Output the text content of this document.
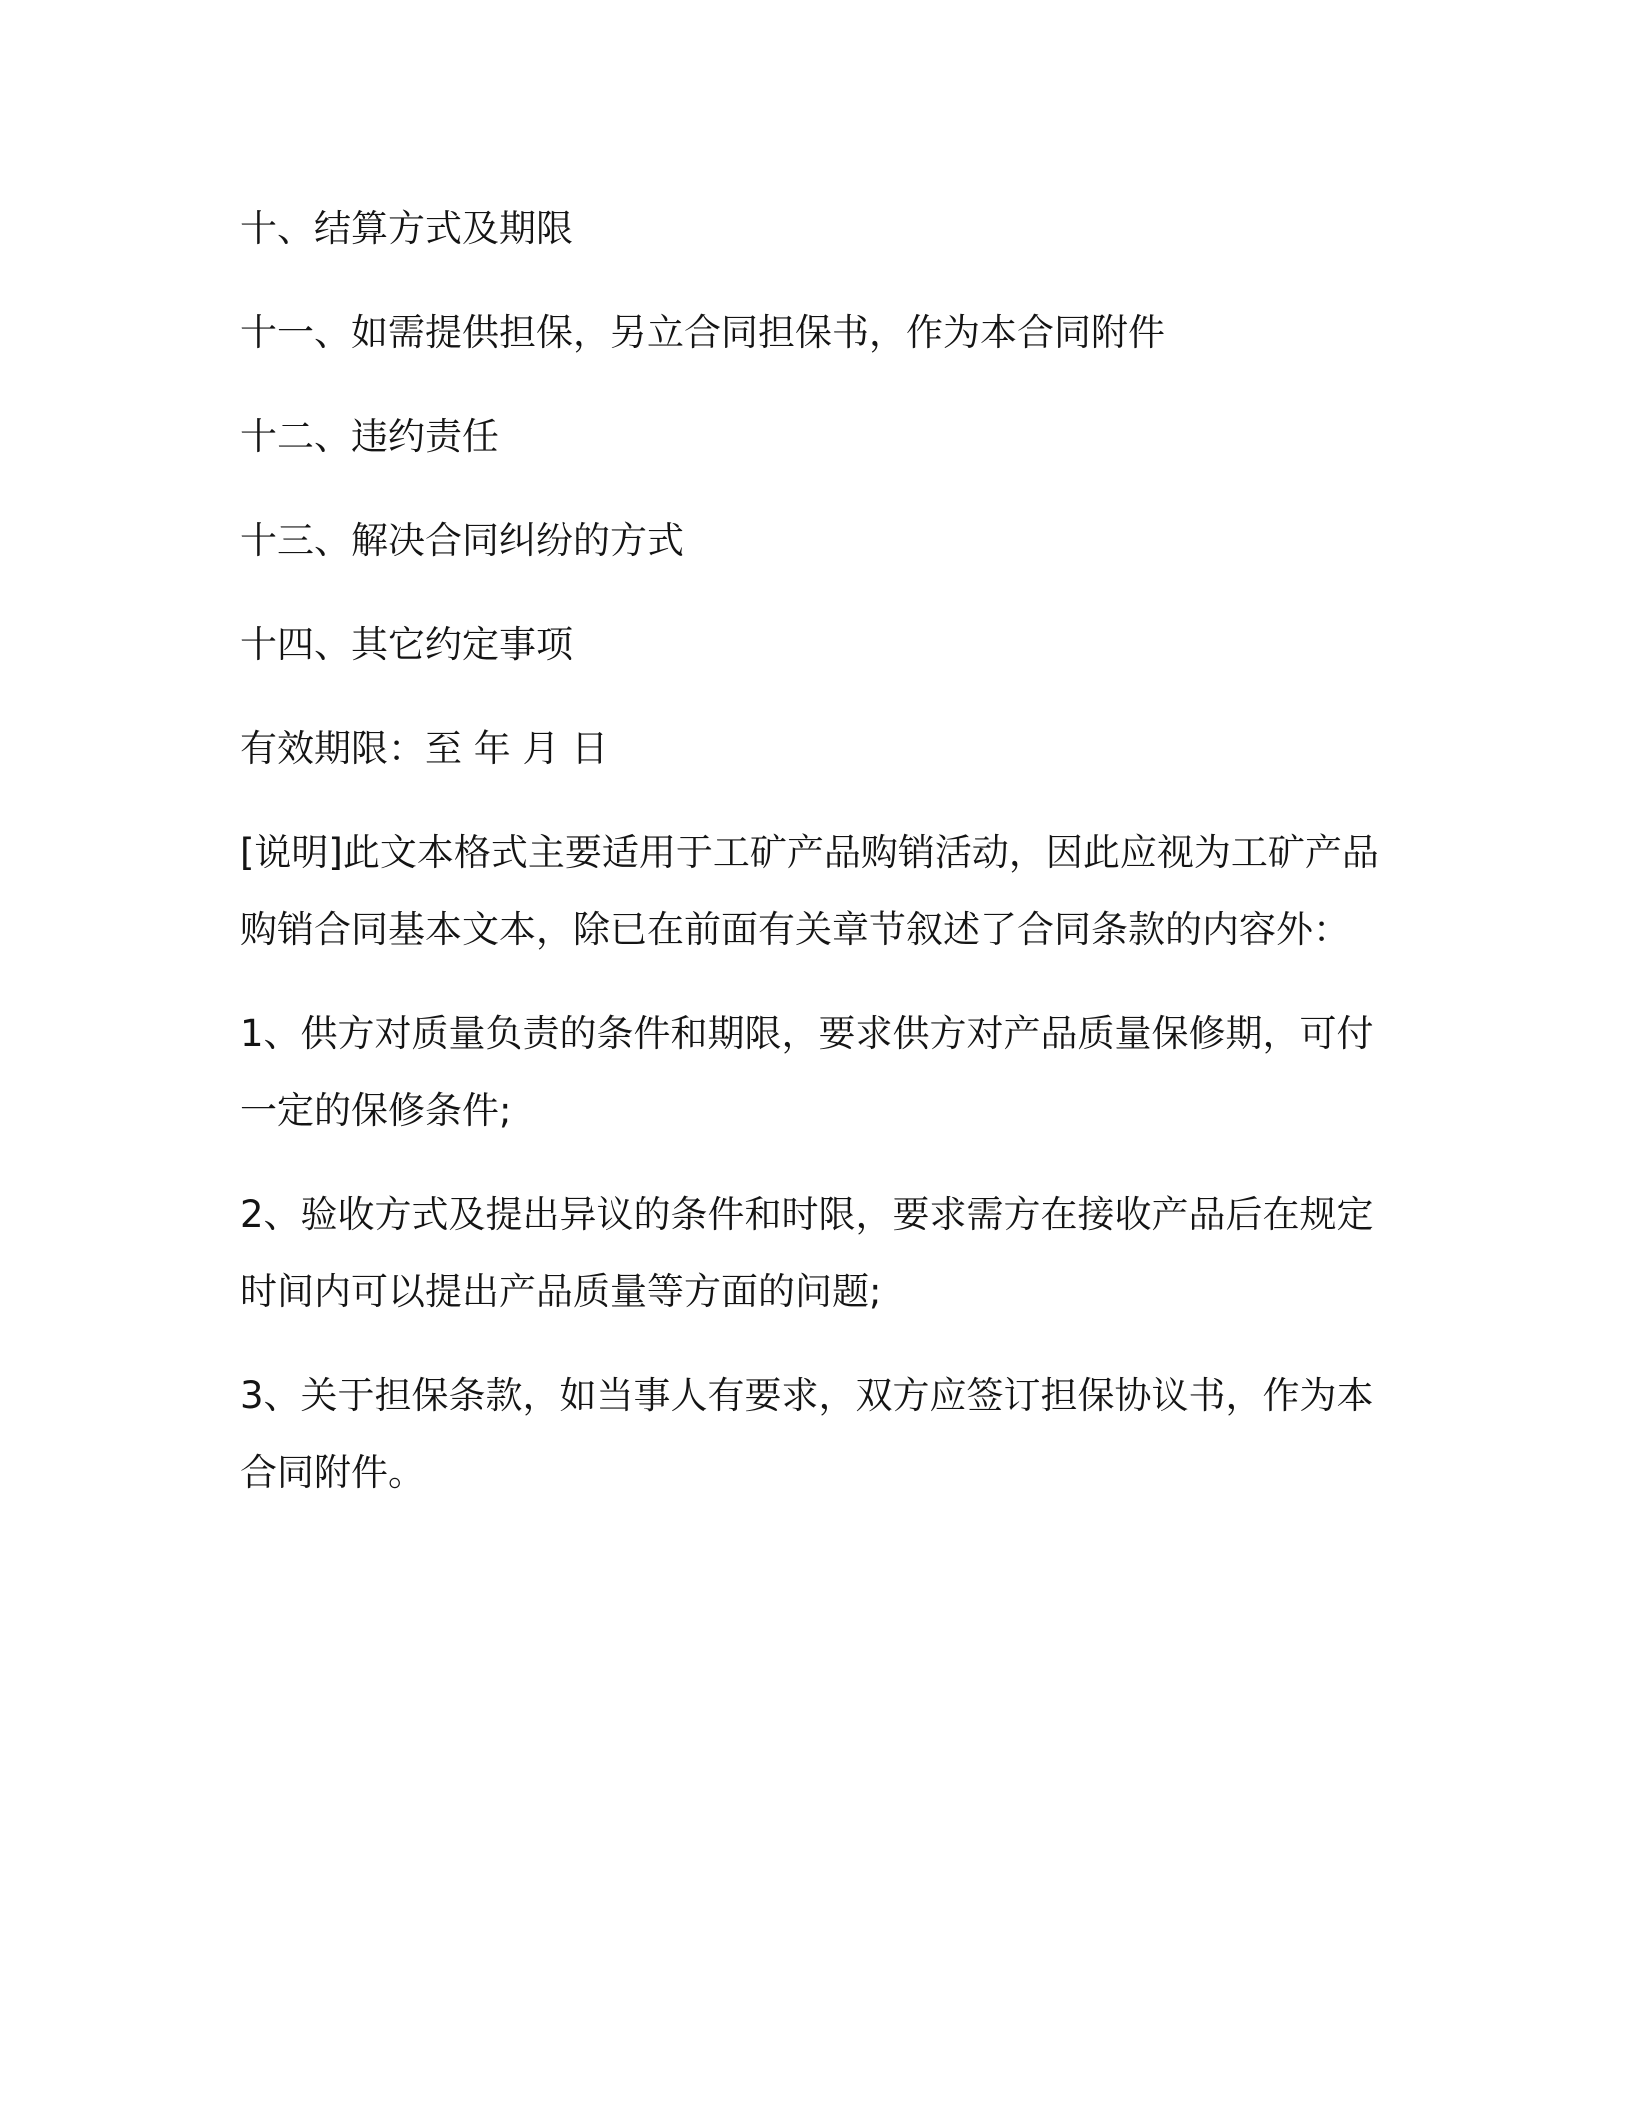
十、结算方式及期限

十一、如需提供担保，另立合同担保书，作为本合同附件

十二、违约责任

十三、解决合同纠纷的方式

十四、其它约定事项

有效期限：至 年 月 日

[说明]此文本格式主要适用于工矿产品购销活动，因此应视为工矿产品
购销合同基本文本，除已在前面有关章节叙述了合同条款的内容外：

1、供方对质量负责的条件和期限，要求供方对产品质量保修期，可付
一定的保修条件;

2、验收方式及提出异议的条件和时限，要求需方在接收产品后在规定
时间内可以提出产品质量等方面的问题;

3、关于担保条款，如当事人有要求，双方应签订担保协议书，作为本
合同附件。
